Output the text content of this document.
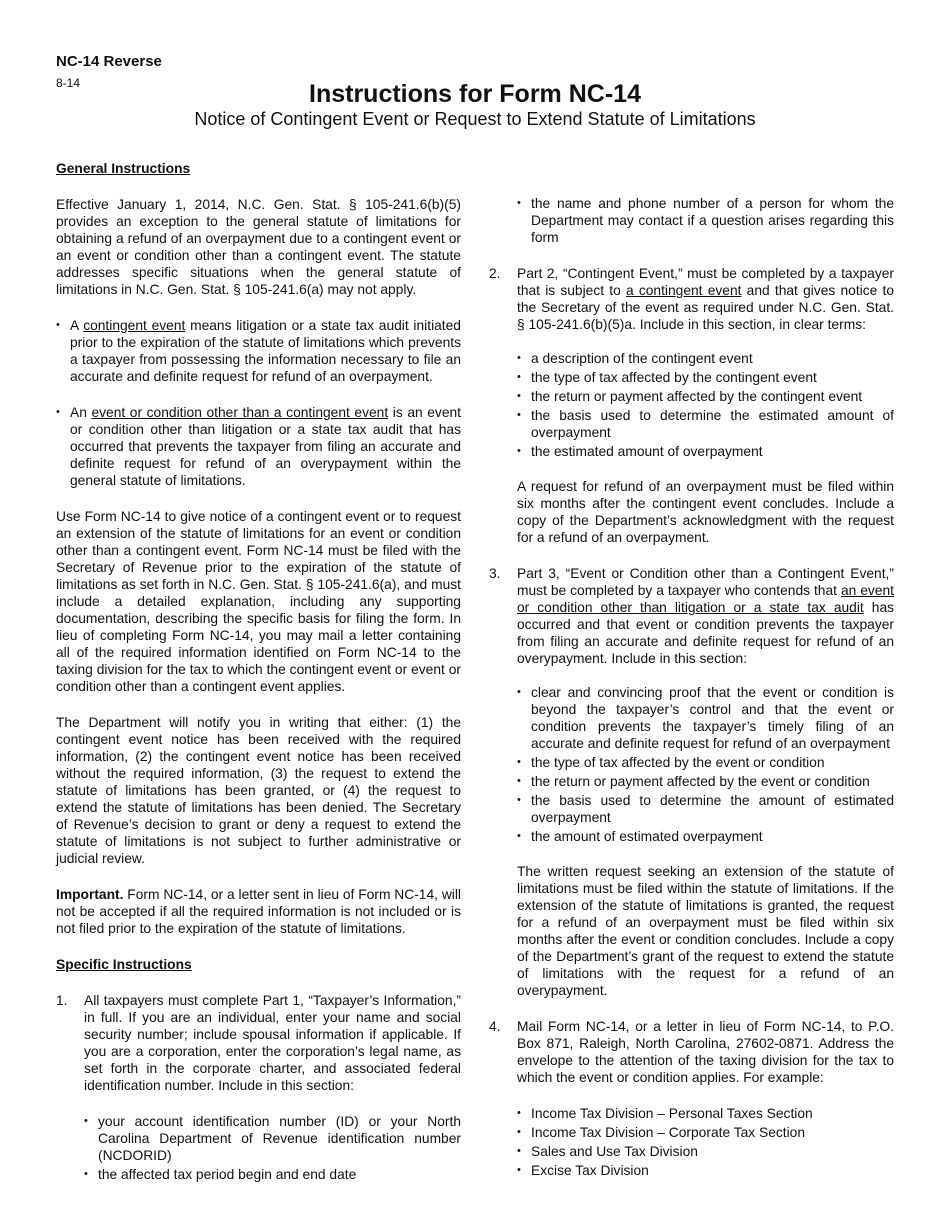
NC-14 Reverse
8-14	Instructions for Form NC-14
Notice of Contingent Event or Request to Extend Statute of Limitations

General Instructions

Effective January 1, 2014, N.C. Gen. Stat. § 105-241.6(b)(5) provides an exception to the general statute of limitations for obtaining a refund of an overpayment due to a contingent event or an event or condition other than a contingent event. The statute addresses specific situations when the general statute of limitations in N.C. Gen. Stat. § 105-241.6(a) may not apply.

• A contingent event means litigation or a state tax audit initiated prior to the expiration of the statute of limitations which prevents a taxpayer from possessing the information necessary to file an accurate and definite request for refund of an overpayment.
• An event or condition other than a contingent event is an event or condition other than litigation or a state tax audit that has occurred that prevents the taxpayer from filing an accurate and definite request for refund of an overypayment within the general statute of limitations.

Use Form NC-14 to give notice of a contingent event or to request an extension of the statute of limitations for an event or condition other than a contingent event. Form NC-14 must be filed with the Secretary of Revenue prior to the expiration of the statute of limitations as set forth in N.C. Gen. Stat. § 105-241.6(a), and must include a detailed explanation, including any supporting documentation, describing the specific basis for filing the form. In lieu of completing Form NC-14, you may mail a letter containing all of the required information identified on Form NC-14 to the taxing division for the tax to which the contingent event or event or condition other than a contingent event applies.

The Department will notify you in writing that either: (1) the contingent event notice has been received with the required information, (2) the contingent event notice has been received without the required information, (3) the request to extend the statute of limitations has been granted, or (4) the request to extend the statute of limitations has been denied. The Secretary of Revenue’s decision to grant or deny a request to extend the statute of limitations is not subject to further administrative or judicial review.

Important. Form NC-14, or a letter sent in lieu of Form NC-14, will not be accepted if all the required information is not included or is not filed prior to the expiration of the statute of limitations.

Specific Instructions

1. All taxpayers must complete Part 1, “Taxpayer’s Information,” in full. If you are an individual, enter your name and social security number; include spousal information if applicable. If you are a corporation, enter the corporation’s legal name, as set forth in the corporate charter, and associated federal identification number. Include in this section:

• your account identification number (ID) or your North Carolina Department of Revenue identification number (NCDORID)
• the affected tax period begin and end date
• the name and phone number of a person for whom the Department may contact if a question arises regarding this form
2. Part 2, “Contingent Event,” must be completed by a taxpayer that is subject to a contingent event and that gives notice to the Secretary of the event as required under N.C. Gen. Stat. § 105-241.6(b)(5)a. Include in this section, in clear terms:

• a description of the contingent event
• the type of tax affected by the contingent event
• the return or payment affected by the contingent event
• the basis used to determine the estimated amount of overpayment
• the estimated amount of overpayment

A request for refund of an overpayment must be filed within six months after the contingent event concludes. Include a copy of the Department’s acknowledgment with the request for a refund of an overpayment.

3. Part 3, “Event or Condition other than a Contingent Event,” must be completed by a taxpayer who contends that an event or condition other than litigation or a state tax audit has occurred and that event or condition prevents the taxpayer from filing an accurate and definite request for refund of an overypayment. Include in this section:

• clear and convincing proof that the event or condition is beyond the taxpayer’s control and that the event or condition prevents the taxpayer’s timely filing of an accurate and definite request for refund of an overpayment
• the type of tax affected by the event or condition
• the return or payment affected by the event or condition
• the basis used to determine the amount of estimated overpayment
• the amount of estimated overpayment

The written request seeking an extension of the statute of limitations must be filed within the statute of limitations. If the extension of the statute of limitations is granted, the request for a refund of an overpayment must be filed within six months after the event or condition concludes. Include a copy of the Department’s grant of the request to extend the statute of limitations with the request for a refund of an overypayment.

4. Mail Form NC-14, or a letter in lieu of Form NC-14, to P.O. Box 871, Raleigh, North Carolina, 27602-0871. Address the envelope to the attention of the taxing division for the tax to which the event or condition applies. For example:

• Income Tax Division – Personal Taxes Section
• Income Tax Division – Corporate Tax Section
• Sales and Use Tax Division
• Excise Tax Division
